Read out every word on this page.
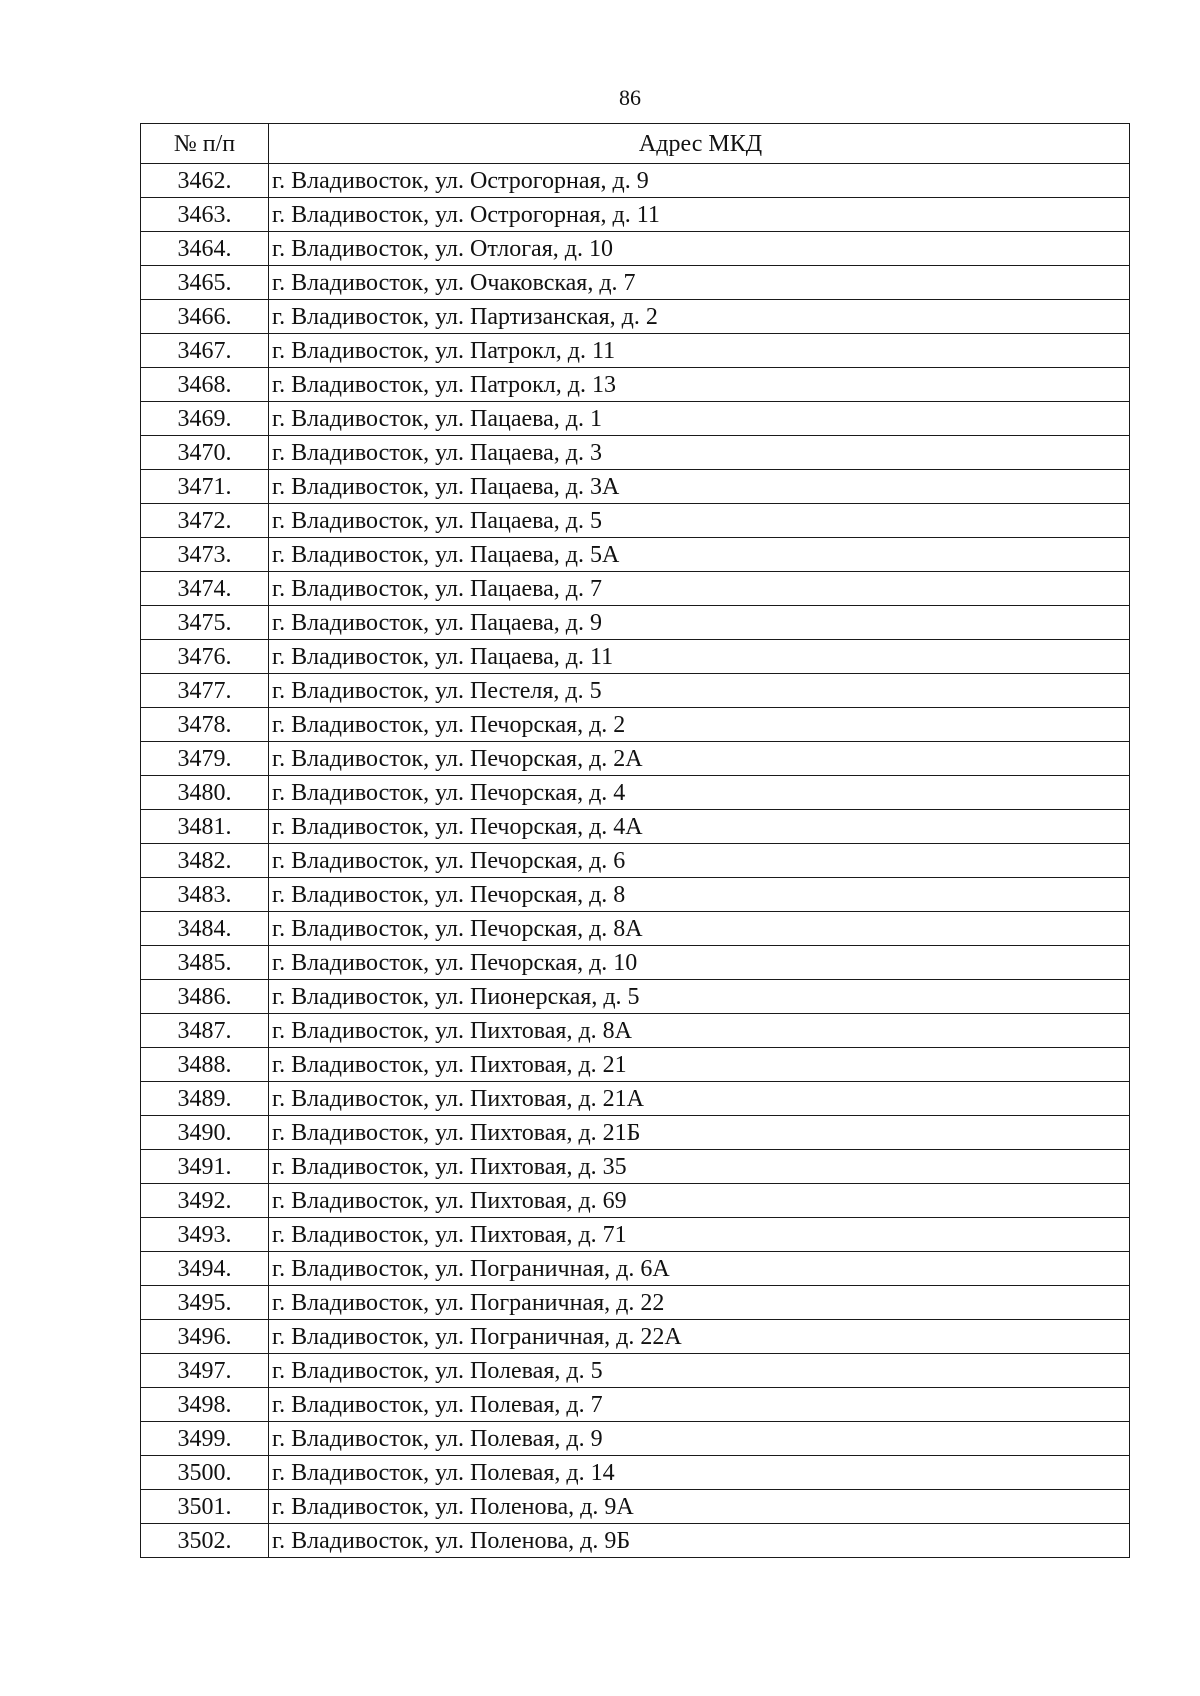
86
№ п/п	Адрес МКД
3462.	г. Владивосток, ул. Острогорная, д. 9
3463.	г. Владивосток, ул. Острогорная, д. 11
3464.	г. Владивосток, ул. Отлогая, д. 10
3465.	г. Владивосток, ул. Очаковская, д. 7
3466.	г. Владивосток, ул. Партизанская, д. 2
3467.	г. Владивосток, ул. Патрокл, д. 11
3468.	г. Владивосток, ул. Патрокл, д. 13
3469.	г. Владивосток, ул. Пацаева, д. 1
3470.	г. Владивосток, ул. Пацаева, д. 3
3471.	г. Владивосток, ул. Пацаева, д. 3А
3472.	г. Владивосток, ул. Пацаева, д. 5
3473.	г. Владивосток, ул. Пацаева, д. 5А
3474.	г. Владивосток, ул. Пацаева, д. 7
3475.	г. Владивосток, ул. Пацаева, д. 9
3476.	г. Владивосток, ул. Пацаева, д. 11
3477.	г. Владивосток, ул. Пестеля, д. 5
3478.	г. Владивосток, ул. Печорская, д. 2
3479.	г. Владивосток, ул. Печорская, д. 2А
3480.	г. Владивосток, ул. Печорская, д. 4
3481.	г. Владивосток, ул. Печорская, д. 4А
3482.	г. Владивосток, ул. Печорская, д. 6
3483.	г. Владивосток, ул. Печорская, д. 8
3484.	г. Владивосток, ул. Печорская, д. 8А
3485.	г. Владивосток, ул. Печорская, д. 10
3486.	г. Владивосток, ул. Пионерская, д. 5
3487.	г. Владивосток, ул. Пихтовая, д. 8А
3488.	г. Владивосток, ул. Пихтовая, д. 21
3489.	г. Владивосток, ул. Пихтовая, д. 21А
3490.	г. Владивосток, ул. Пихтовая, д. 21Б
3491.	г. Владивосток, ул. Пихтовая, д. 35
3492.	г. Владивосток, ул. Пихтовая, д. 69
3493.	г. Владивосток, ул. Пихтовая, д. 71
3494.	г. Владивосток, ул. Пограничная, д. 6А
3495.	г. Владивосток, ул. Пограничная, д. 22
3496.	г. Владивосток, ул. Пограничная, д. 22А
3497.	г. Владивосток, ул. Полевая, д. 5
3498.	г. Владивосток, ул. Полевая, д. 7
3499.	г. Владивосток, ул. Полевая, д. 9
3500.	г. Владивосток, ул. Полевая, д. 14
3501.	г. Владивосток, ул. Поленова, д. 9А
3502.	г. Владивосток, ул. Поленова, д. 9Б
